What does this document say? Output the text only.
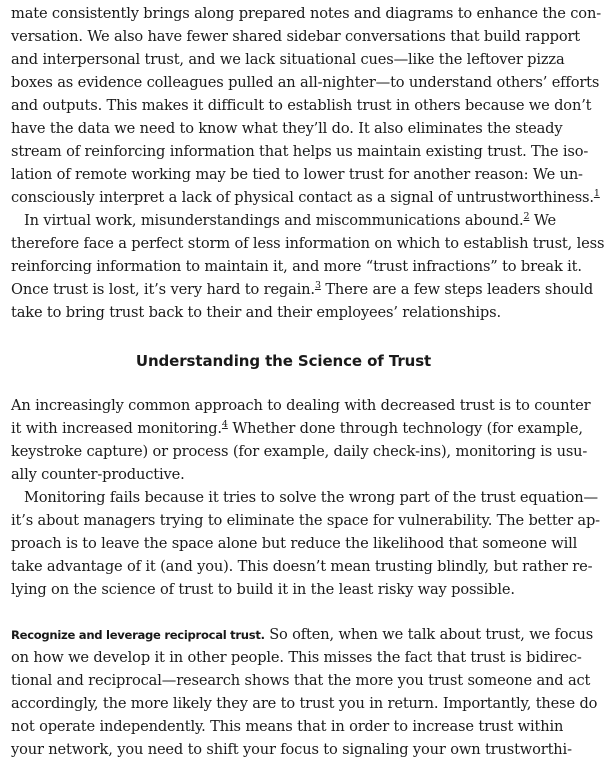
mate consistently brings along prepared notes and diagrams to enhance the con-
versation. We also have fewer shared sidebar conversations that build rapport
and interpersonal trust, and we lack situational cues—like the leftover pizza
boxes as evidence colleagues pulled an all-nighter—to understand others’ efforts
and outputs. This makes it difficult to establish trust in others because we don’t
have the data we need to know what they’ll do. It also eliminates the steady
stream of reinforcing information that helps us maintain existing trust. The iso-
lation of remote working may be tied to lower trust for another reason: We un-
consciously interpret a lack of physical contact as a signal of untrustworthiness.$^1$
In virtual work, misunderstandings and miscommunications abound.$^2$ We
therefore face a perfect storm of less information on which to establish trust, less
reinforcing information to maintain it, and more “trust infractions” to break it.
Once trust is lost, it’s very hard to regain.$^3$ There are a few steps leaders should
take to bring trust back to their and their employees’ relationships.
Understanding the Science of Trust
An increasingly common approach to dealing with decreased trust is to counter
it with increased monitoring.$^4$ Whether done through technology (for example,
keystroke capture) or process (for example, daily check-ins), monitoring is usu-
ally counter-productive.
Monitoring fails because it tries to solve the wrong part of the trust equation—
it’s about managers trying to eliminate the space for vulnerability. The better ap-
proach is to leave the space alone but reduce the likelihood that someone will
take advantage of it (and you). This doesn’t mean trusting blindly, but rather re-
lying on the science of trust to build it in the least risky way possible.
Recognize and leverage reciprocal trust. So often, when we talk about trust, we focus
on how we develop it in other people. This misses the fact that trust is bidirec-
tional and reciprocal—research shows that the more you trust someone and act
accordingly, the more likely they are to trust you in return. Importantly, these do
not operate independently. This means that in order to increase trust within
your network, you need to shift your focus to signaling your own trustworthi-
